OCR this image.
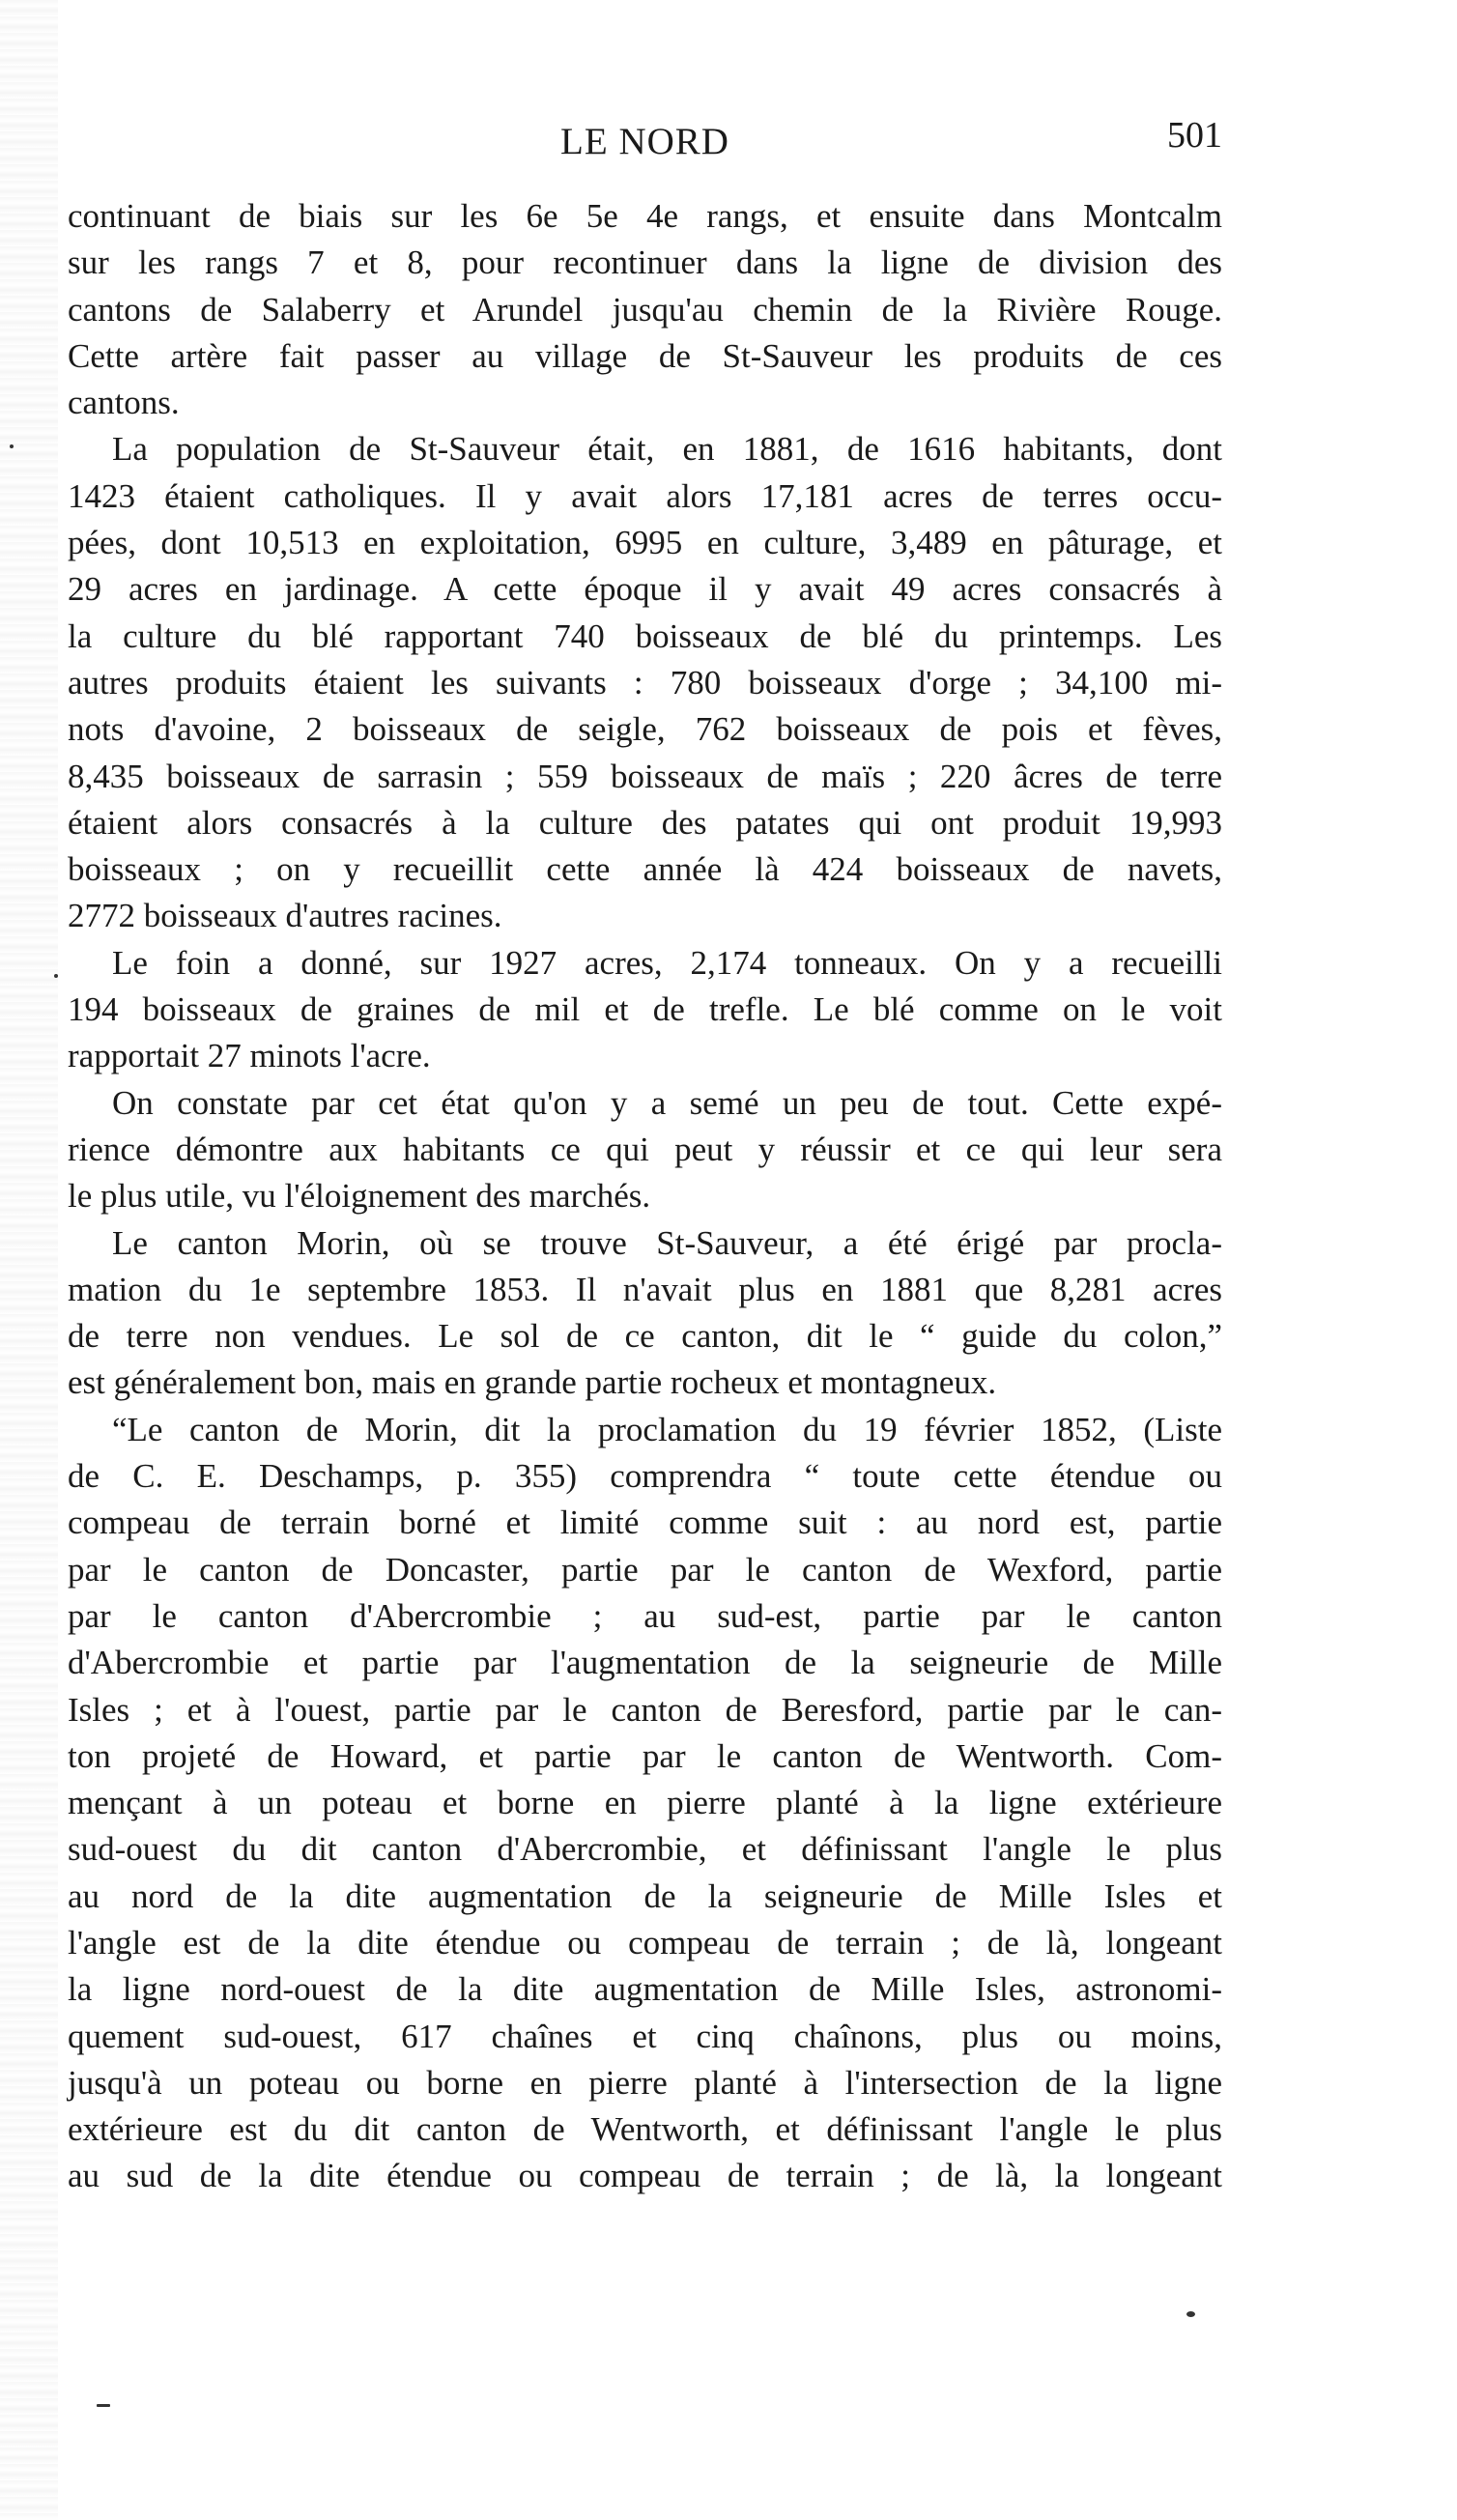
LE NORD	501
continuant de biais sur les 6e 5e 4e rangs, et ensuite dans Montcalm
sur les rangs 7 et 8, pour recontinuer dans la ligne de division des
cantons de Salaberry et Arundel jusqu'au chemin de la Rivière Rouge.
Cette artère fait passer au village de St-Sauveur les produits de ces
cantons.
La population de St-Sauveur était, en 1881, de 1616 habitants, dont
1423 étaient catholiques. Il y avait alors 17,181 acres de terres occu-
pées, dont 10,513 en exploitation, 6995 en culture, 3,489 en pâturage, et
29 acres en jardinage. A cette époque il y avait 49 acres consacrés à
la culture du blé rapportant 740 boisseaux de blé du printemps. Les
autres produits étaient les suivants : 780 boisseaux d'orge ; 34,100 mi-
nots d'avoine, 2 boisseaux de seigle, 762 boisseaux de pois et fèves,
8,435 boisseaux de sarrasin ; 559 boisseaux de maïs ; 220 âcres de terre
étaient alors consacrés à la culture des patates qui ont produit 19,993
boisseaux ; on y recueillit cette année là 424 boisseaux de navets,
2772 boisseaux d'autres racines.
Le foin a donné, sur 1927 acres, 2,174 tonneaux. On y a recueilli
194 boisseaux de graines de mil et de trefle. Le blé comme on le voit
rapportait 27 minots l'acre.
On constate par cet état qu'on y a semé un peu de tout. Cette expé-
rience démontre aux habitants ce qui peut y réussir et ce qui leur sera
le plus utile, vu l'éloignement des marchés.
Le canton Morin, où se trouve St-Sauveur, a été érigé par procla-
mation du 1e septembre 1853. Il n'avait plus en 1881 que 8,281 acres
de terre non vendues. Le sol de ce canton, dit le “ guide du colon,”
est généralement bon, mais en grande partie rocheux et montagneux.
“Le canton de Morin, dit la proclamation du 19 février 1852, (Liste
de C. E. Deschamps, p. 355) comprendra “ toute cette étendue ou
compeau de terrain borné et limité comme suit : au nord est, partie
par le canton de Doncaster, partie par le canton de Wexford, partie
par le canton d'Abercrombie ; au sud-est, partie par le canton
d'Abercrombie et partie par l'augmentation de la seigneurie de Mille
Isles ; et à l'ouest, partie par le canton de Beresford, partie par le can-
ton projeté de Howard, et partie par le canton de Wentworth. Com-
mençant à un poteau et borne en pierre planté à la ligne extérieure
sud-ouest du dit canton d'Abercrombie, et définissant l'angle le plus
au nord de la dite augmentation de la seigneurie de Mille Isles et
l'angle est de la dite étendue ou compeau de terrain ; de là, longeant
la ligne nord-ouest de la dite augmentation de Mille Isles, astronomi-
quement sud-ouest, 617 chaînes et cinq chaînons, plus ou moins,
jusqu'à un poteau ou borne en pierre planté à l'intersection de la ligne
extérieure est du dit canton de Wentworth, et définissant l'angle le plus
au sud de la dite étendue ou compeau de terrain ; de là, la longeant
